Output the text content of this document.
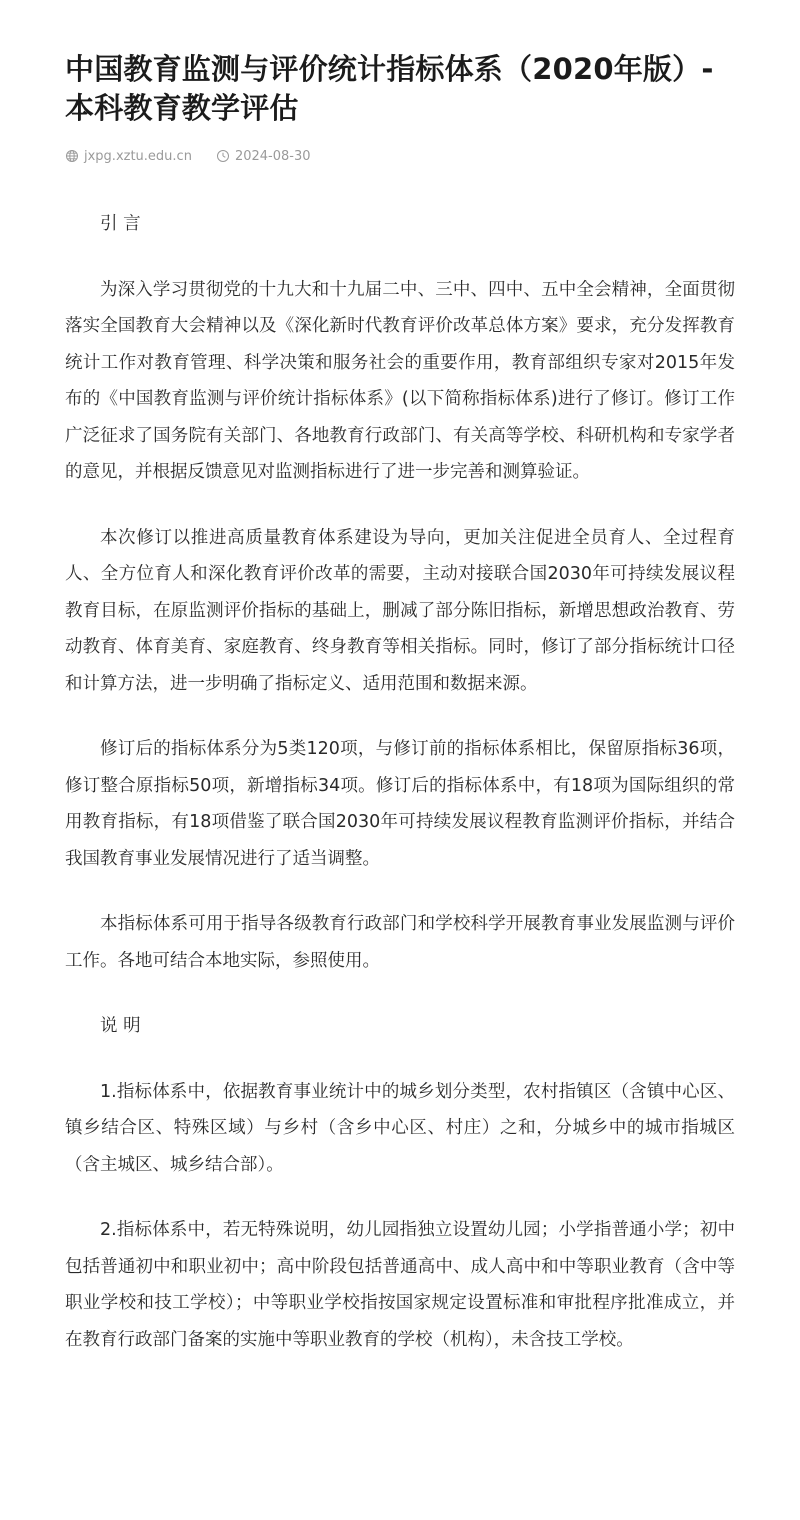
中国教育监测与评价统计指标体系（2020年版）-本科教育教学评估
jxpg.xztu.edu.cn	2024-08-30

引 言

为深入学习贯彻党的十九大和十九届二中、三中、四中、五中全会精神，全面贯彻落实全国教育大会精神以及《深化新时代教育评价改革总体方案》要求，充分发挥教育统计工作对教育管理、科学决策和服务社会的重要作用，教育部组织专家对2015年发布的《中国教育监测与评价统计指标体系》(以下简称指标体系)进行了修订。修订工作广泛征求了国务院有关部门、各地教育行政部门、有关高等学校、科研机构和专家学者的意见，并根据反馈意见对监测指标进行了进一步完善和测算验证。

本次修订以推进高质量教育体系建设为导向，更加关注促进全员育人、全过程育人、全方位育人和深化教育评价改革的需要，主动对接联合国2030年可持续发展议程教育目标，在原监测评价指标的基础上，删减了部分陈旧指标，新增思想政治教育、劳动教育、体育美育、家庭教育、终身教育等相关指标。同时，修订了部分指标统计口径和计算方法，进一步明确了指标定义、适用范围和数据来源。

修订后的指标体系分为5类120项，与修订前的指标体系相比，保留原指标36项，修订整合原指标50项，新增指标34项。修订后的指标体系中，有18项为国际组织的常用教育指标，有18项借鉴了联合国2030年可持续发展议程教育监测评价指标，并结合我国教育事业发展情况进行了适当调整。

本指标体系可用于指导各级教育行政部门和学校科学开展教育事业发展监测与评价工作。各地可结合本地实际，参照使用。

说 明

1.指标体系中，依据教育事业统计中的城乡划分类型，农村指镇区（含镇中心区、镇乡结合区、特殊区域）与乡村（含乡中心区、村庄）之和，分城乡中的城市指城区（含主城区、城乡结合部）。

2.指标体系中，若无特殊说明，幼儿园指独立设置幼儿园；小学指普通小学；初中包括普通初中和职业初中；高中阶段包括普通高中、成人高中和中等职业教育（含中等职业学校和技工学校）；中等职业学校指按国家规定设置标准和审批程序批准成立，并在教育行政部门备案的实施中等职业教育的学校（机构），未含技工学校。
